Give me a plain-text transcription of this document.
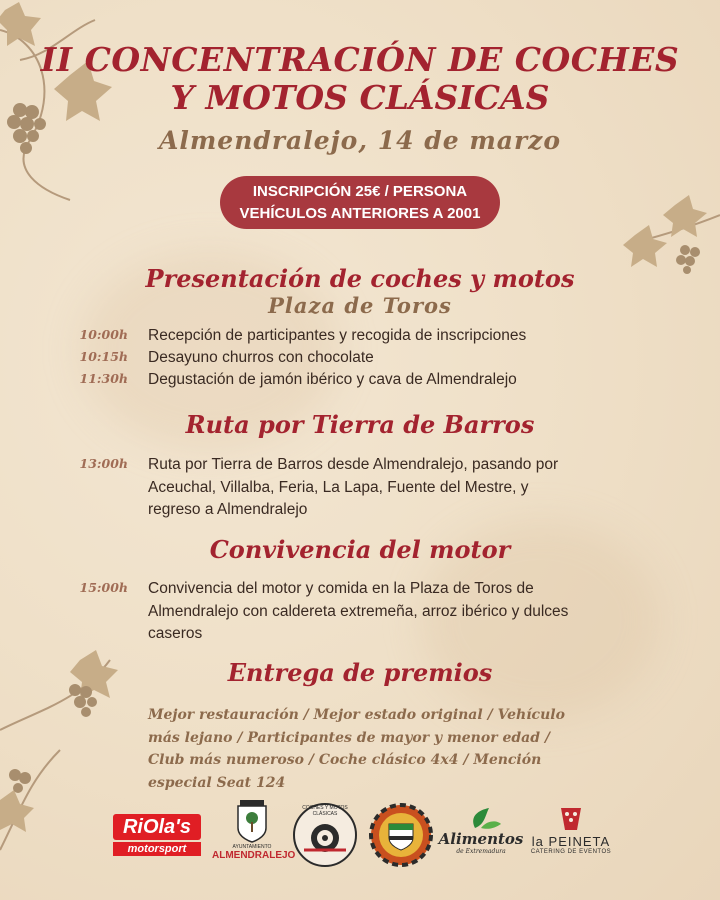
II CONCENTRACIÓN DE COCHES
Y MOTOS CLÁSICAS
Almendralejo, 14 de marzo
INSCRIPCIÓN 25€ / PERSONA
VEHÍCULOS ANTERIORES A 2001
Presentación de coches y motos
Plaza de Toros
10:00h Recepción de participantes y recogida de inscripciones
10:15h Desayuno churros con chocolate
11:30h Degustación de jamón ibérico y cava de Almendralejo
Ruta por Tierra de Barros
13:00h Ruta por Tierra de Barros desde Almendralejo, pasando por Aceuchal, Villalba, Feria, La Lapa, Fuente del Mestre, y regreso a Almendralejo
Convivencia del motor
15:00h Convivencia del motor y comida en la Plaza de Toros de Almendralejo con caldereta extremeña, arroz ibérico y dulces caseros
Entrega de premios
Mejor restauración / Mejor estado original / Vehículo más lejano / Participantes de mayor y menor edad / Club más numeroso / Coche clásico 4x4 / Mención especial Seat 124
RiOla's
motorsport	AYUNTAMIENTO
ALMENDRALEJO
COCHES Y MOTOS CLÁSICAS
Alimentos
de Extremadura
la PEINETA
CATERING DE EVENTOS
